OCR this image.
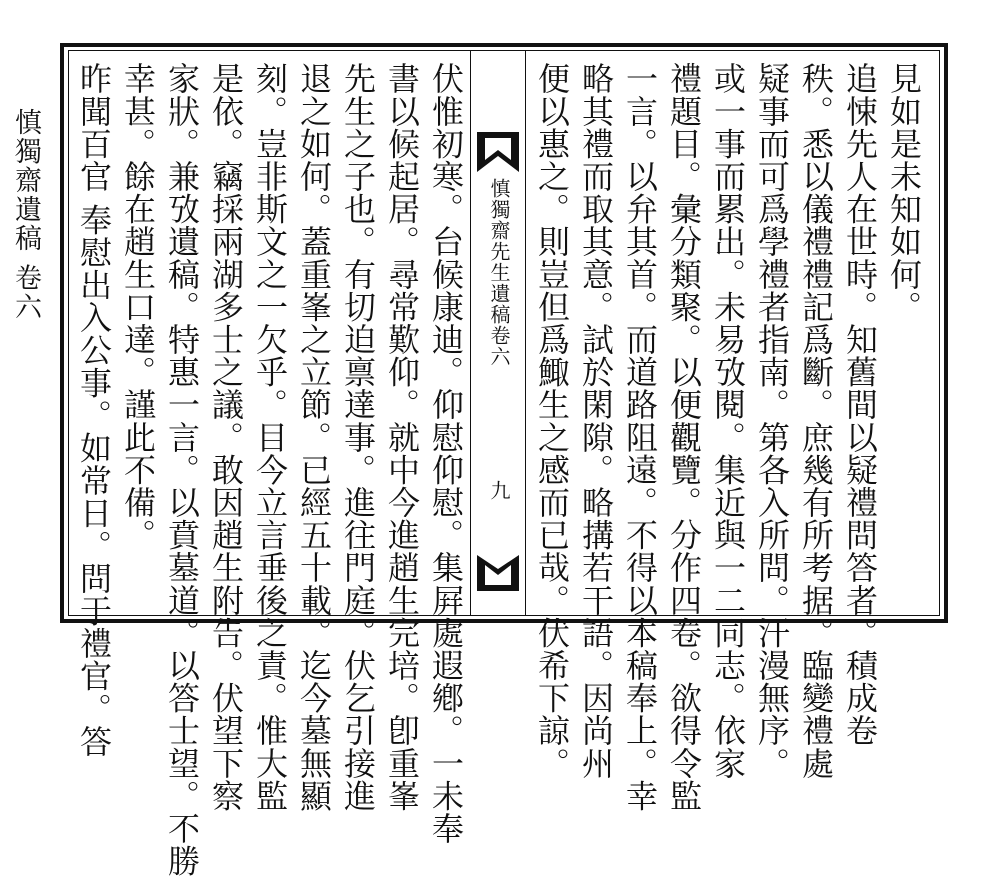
慎獨齋遺稿 卷六	見如是未知如何。
追悚先人在世時。知舊間以疑禮問答者。積成卷
秩。悉以儀禮禮記爲斷。庶幾有所考据。臨變禮處
疑事而可爲學禮者指南。第各入所問。汗漫無序。
或一事而累出。未易攷閱。集近與一二同志。依家
禮題目。彙分類聚。以便觀覽。分作四卷。欲得令監
一言。以弁其首。而道路阻遠。不得以本稿奉上。幸
略其禮而取其意。試於閑隙。略搆若干語。因尚州
便以惠之。則豈但爲鯫生之感而已哉。伏希下諒。
慎獨齋先生遺稿卷六
九
伏惟初寒。台候康迪。仰慰仰慰。集屛處遐鄕。一未奉
書以候起居。尋常歎仰。就中今進趙生完培。卽重峯
先生之子也。有切迫禀達事。進往門庭。伏乞引接進
退之如何。蓋重峯之立節。已經五十載。迄今墓無顯
刻。豈非斯文之一欠乎。目今立言垂後之責。惟大監
是依。竊採兩湖多士之議。敢因趙生附告。伏望下察
家狀。兼攷遺稿。特惠一言。以賁墓道。以答士望。不勝
幸甚。餘在趙生口達。謹此不備。
昨聞百官 奉慰出入公事。如常日。問于禮官。答
